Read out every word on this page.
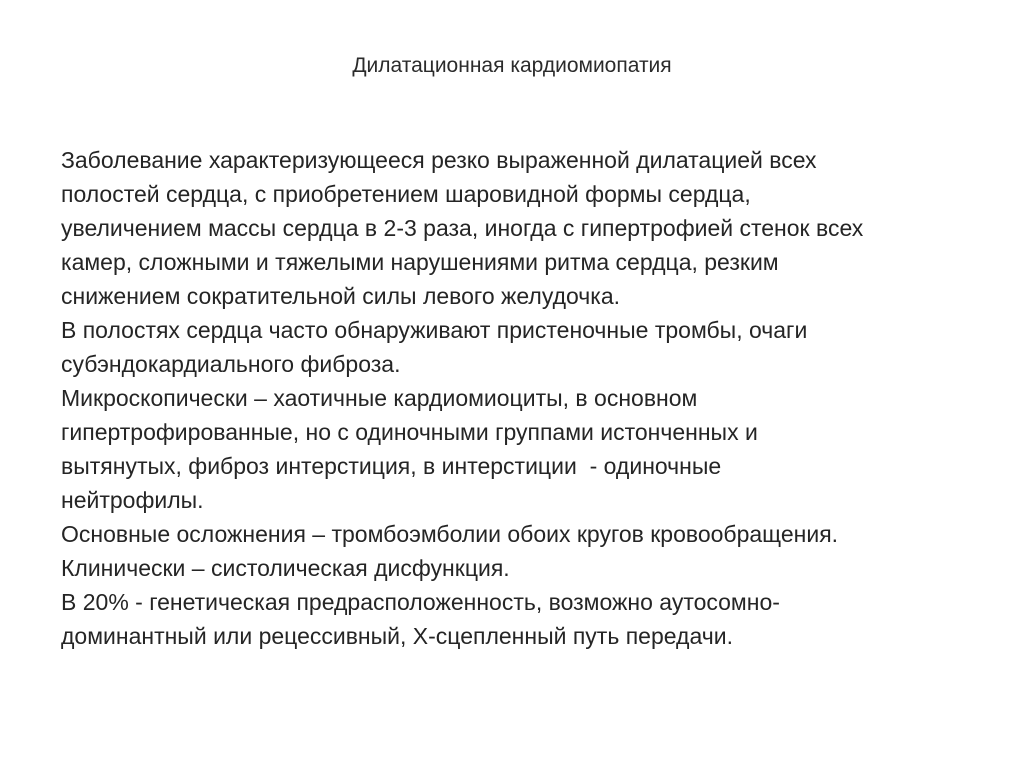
Дилатационная кардиомиопатия

Заболевание характеризующееся резко выраженной дилатацией всех
полостей сердца, с приобретением шаровидной формы сердца,
увеличением массы сердца в 2-3 раза, иногда с гипертрофией стенок всех
камер, сложными и тяжелыми нарушениями ритма сердца, резким
снижением сократительной силы левого желудочка.

В полостях сердца часто обнаруживают пристеночные тромбы, очаги
субэндокардиального фиброза.

Микроскопически – хаотичные кардиомиоциты, в основном
гипертрофированные, но с одиночными группами истонченных и
вытянутых, фиброз интерстиция, в интерстиции  - одиночные
нейтрофилы.

Основные осложнения – тромбоэмболии обоих кругов кровообращения.

Клинически – систолическая дисфункция.

В 20% - генетическая предрасположенность, возможно аутосомно-
доминантный или рецессивный, Х-сцепленный путь передачи.
